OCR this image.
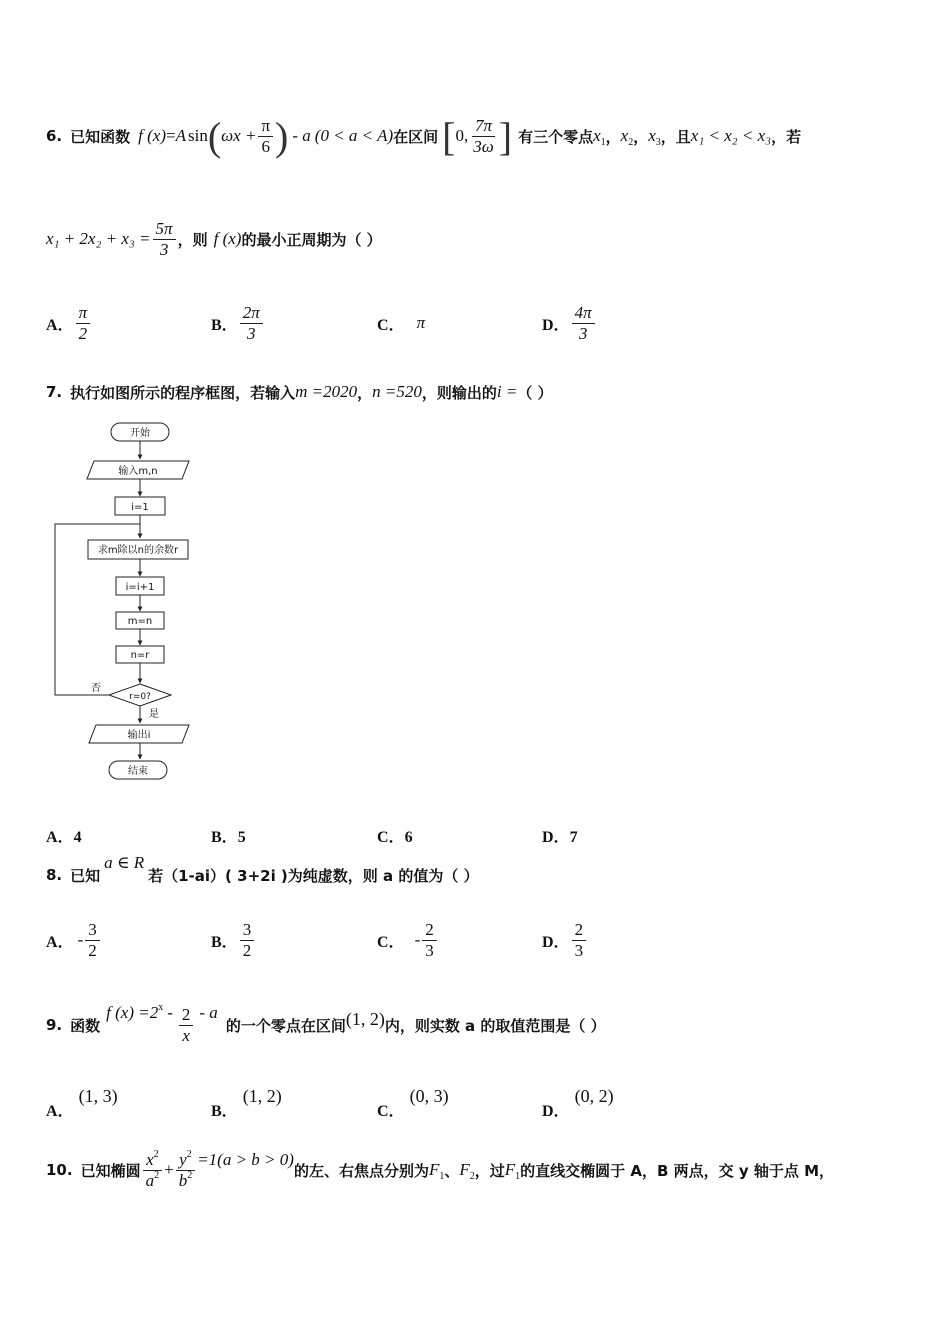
6. 已知函数 f (x) = A sin ( $\omega x + \frac{\pi}{6}$ ) - a (0 < a < A) 在区间 [ 0, $\frac{7\pi}{3\omega}$ ] 有三个零点 $x_1$ ， $x_2$ ， $x_3$ ， 且 x₁ < x₂ < x₃ ，若
$x_1 + 2x_2 + x_3 = \frac{5\pi}{3}$ ，则 f (x) 的最小正周期为（ ）
A． $\frac{\pi}{2}$	B． $\frac{2\pi}{3}$	C． π	D． $\frac{4\pi}{3}$
7. 执行如图所示的程序框图，若输入 m =2020 ， n =520 ，则输出的 i = （ ）
开始
输入m,n
i=1
求m除以n的余数r
i=i+1
m=n
n=r
r=0?
否
是
输出i
结束
A．4	B．5	C．6	D．7
8. 已知
a ∈ R
若（1-ai）( 3+2i )为纯虚数，则 a 的值为（ ）
A． - $\frac{3}{2}$	B． $\frac{3}{2}$	C． - $\frac{2}{3}$	D． $\frac{2}{3}$
9. 函数
f $(x) =2^x - \frac{2}{x} - a$
的一个零点在区间 (1, 2) 内，则实数 a 的取值范围是（ ）
A． (1, 3)
B． (1, 2)
C． (0, 3)
D． (0, 2)
10. 已知椭圆 $\frac{x^2}{a^2} + \frac{y^2}{b^2} =1(a > b > 0)$
的左、右焦点分别为 $F_1$ 、 $F_2$ ，过 $F_1$ 的直线交椭圆于 A，B 两点，交 y 轴于点 M，
